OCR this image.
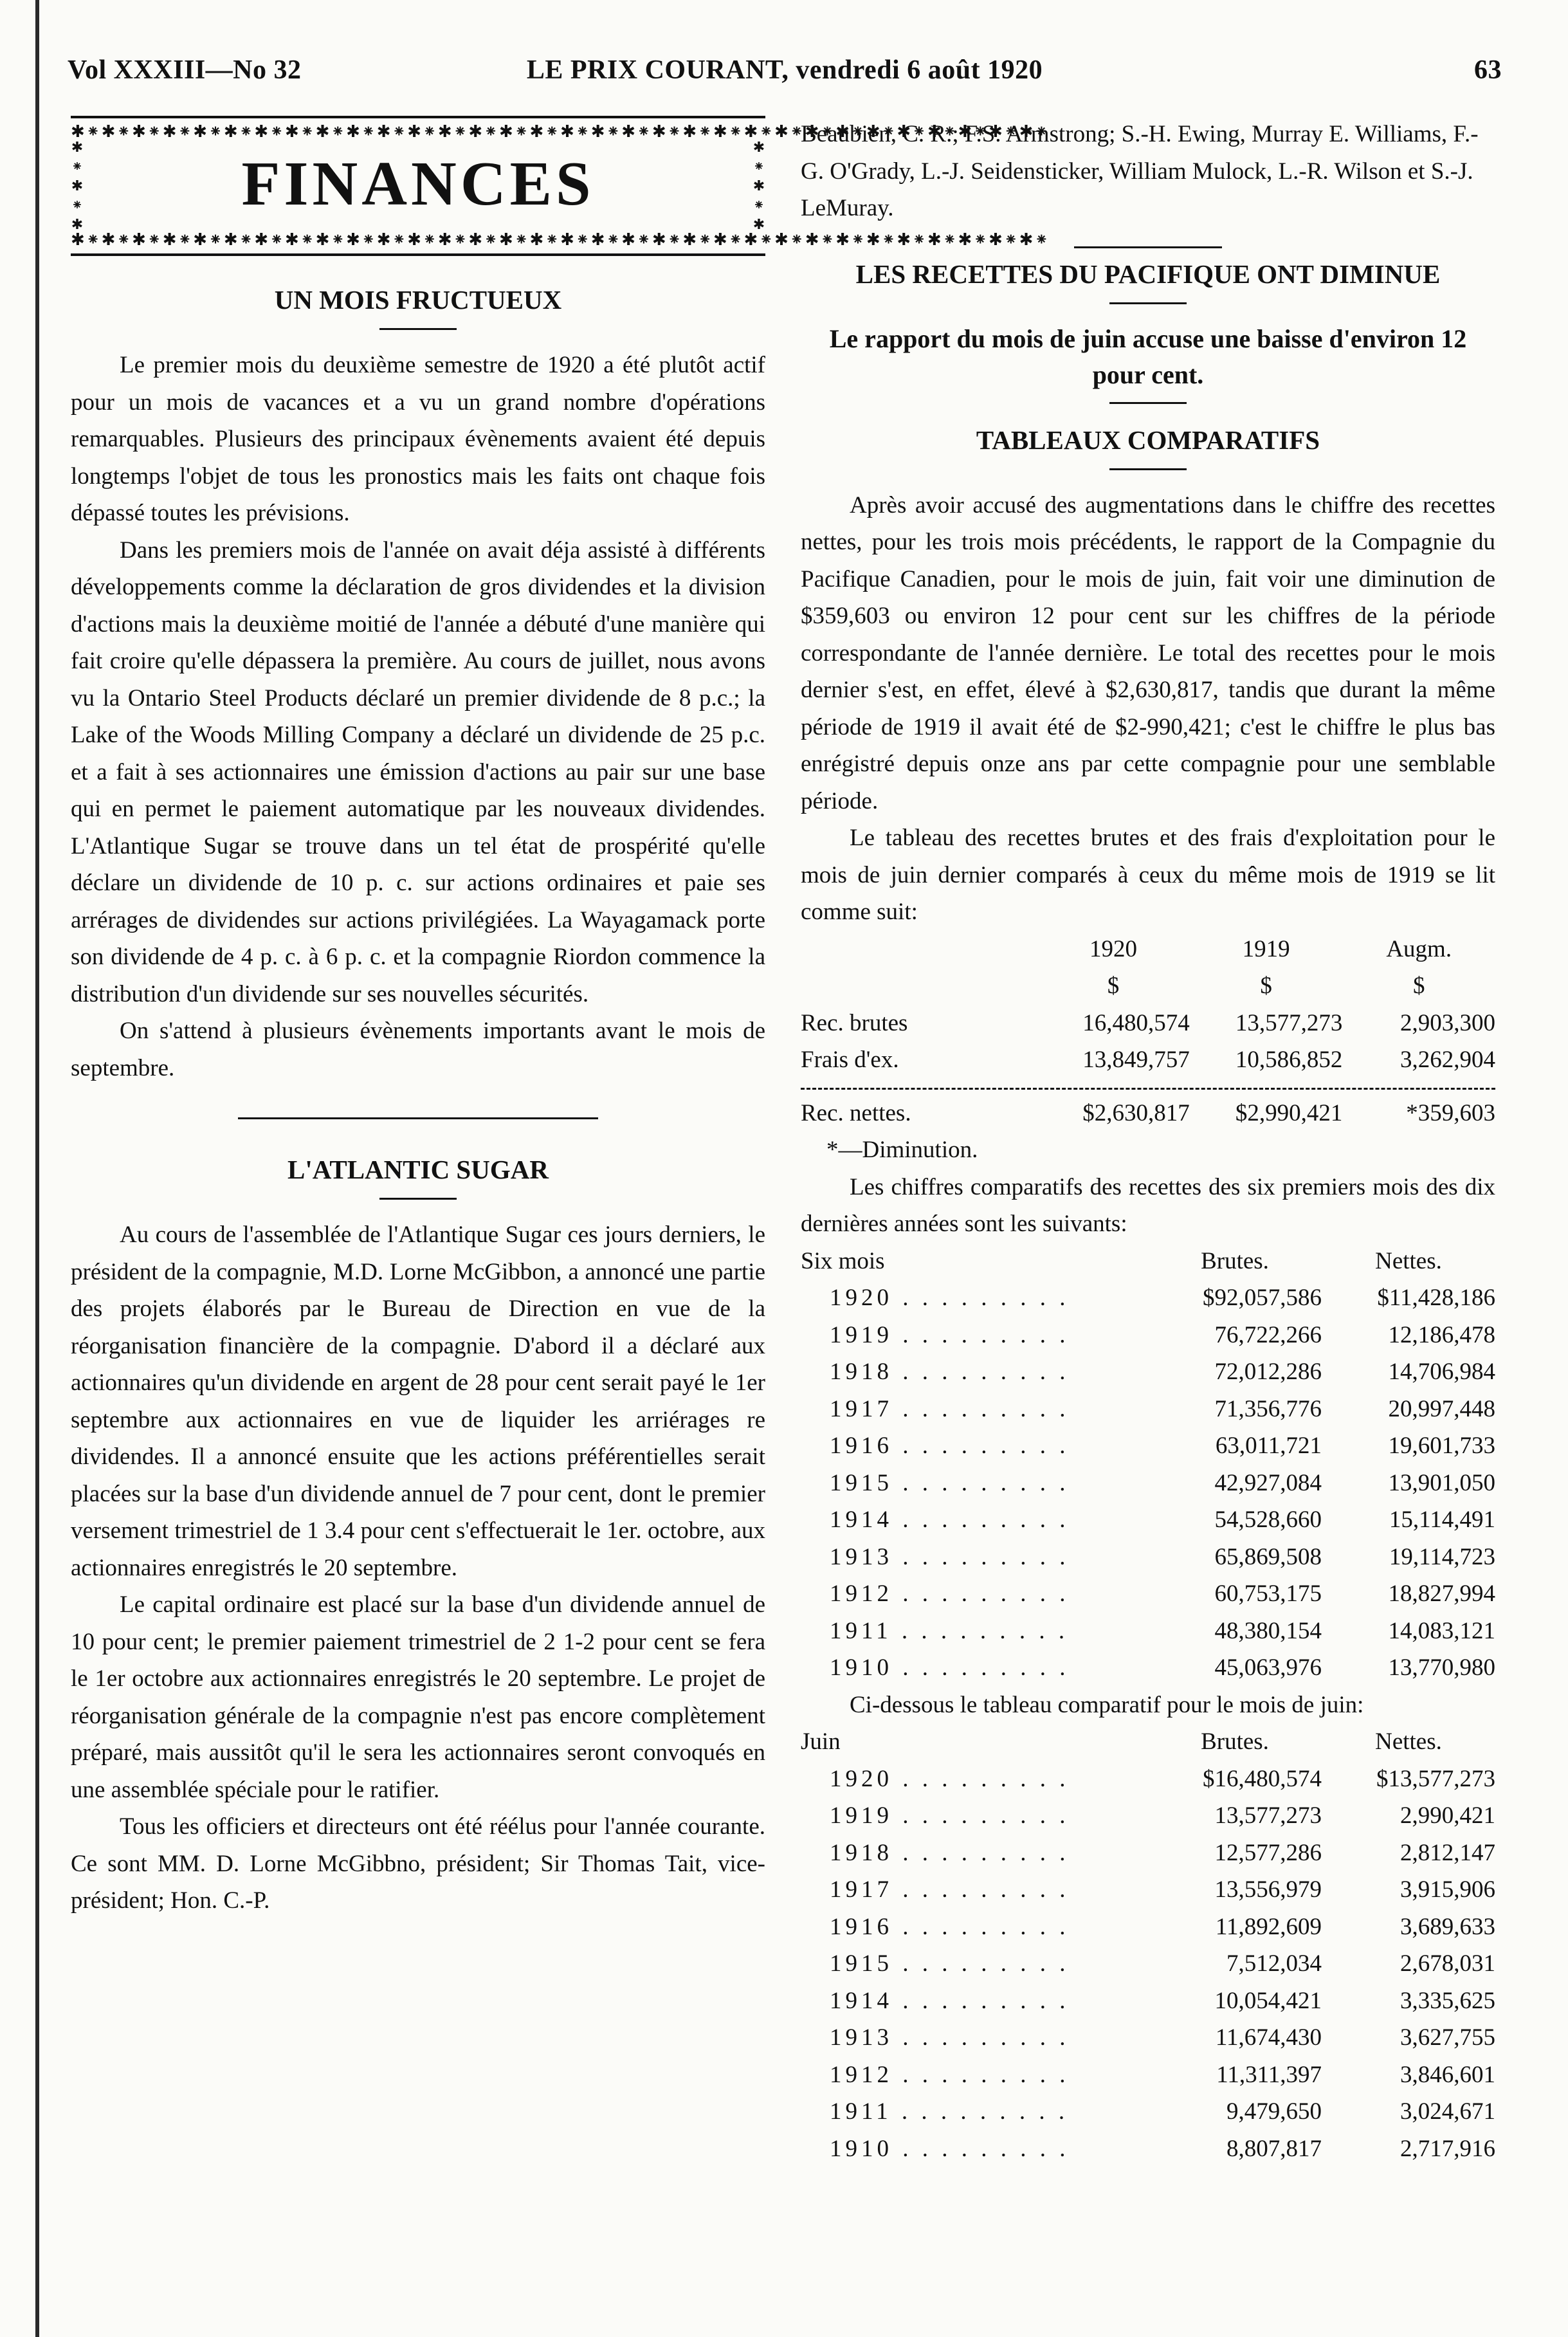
Vol XXXIII—No 32	LE PRIX COURANT, vendredi 6 août 1920	63
✱⁕✱⁕✱⁕✱⁕✱⁕✱⁕✱⁕✱⁕✱⁕✱⁕✱⁕✱⁕✱⁕✱⁕✱⁕✱⁕✱⁕✱⁕✱⁕✱⁕✱⁕✱⁕✱⁕✱⁕✱⁕✱⁕✱⁕✱⁕✱⁕✱⁕✱⁕✱⁕
✱
⁕
✱
⁕
✱
FINANCES
✱
⁕
✱
⁕
✱
✱⁕✱⁕✱⁕✱⁕✱⁕✱⁕✱⁕✱⁕✱⁕✱⁕✱⁕✱⁕✱⁕✱⁕✱⁕✱⁕✱⁕✱⁕✱⁕✱⁕✱⁕✱⁕✱⁕✱⁕✱⁕✱⁕✱⁕✱⁕✱⁕✱⁕✱⁕✱⁕
UN MOIS FRUCTUEUX

Le premier mois du deuxième semestre de 1920 a été plutôt actif pour un mois de vacances et a vu un grand nombre d'opérations remarquables. Plusieurs des principaux évènements avaient été depuis longtemps l'objet de tous les pronostics mais les faits ont chaque fois dépassé toutes les prévisions.

Dans les premiers mois de l'année on avait déja assisté à différents développements comme la déclaration de gros dividendes et la division d'actions mais la deuxième moitié de l'année a débuté d'une manière qui fait croire qu'elle dépassera la première. Au cours de juillet, nous avons vu la Ontario Steel Products déclaré un premier dividende de 8 p.c.; la Lake of the Woods Milling Company a déclaré un dividende de 25 p.c. et a fait à ses actionnaires une émission d'actions au pair sur une base qui en permet le paiement automatique par les nouveaux dividendes. L'Atlantique Sugar se trouve dans un tel état de prospérité qu'elle déclare un dividende de 10 p. c. sur actions ordinaires et paie ses arrérages de dividendes sur actions privilégiées. La Wayagamack porte son dividende de 4 p. c. à 6 p. c. et la compagnie Riordon commence la distribution d'un dividende sur ses nouvelles sécurités.

On s'attend à plusieurs évènements importants avant le mois de septembre.

L'ATLANTIC SUGAR

Au cours de l'assemblée de l'Atlantique Sugar ces jours derniers, le président de la compagnie, M.D. Lorne McGibbon, a annoncé une partie des projets élaborés par le Bureau de Direction en vue de la réorganisation financière de la compagnie. D'abord il a déclaré aux actionnaires qu'un dividende en argent de 28 pour cent serait payé le 1er septembre aux actionnaires en vue de liquider les arriérages re dividendes. Il a annoncé ensuite que les actions préférentielles serait placées sur la base d'un dividende annuel de 7 pour cent, dont le premier versement trimestriel de 1 3.4 pour cent s'effectuerait le 1er. octobre, aux actionnaires enregistrés le 20 septembre.

Le capital ordinaire est placé sur la base d'un dividende annuel de 10 pour cent; le premier paiement trimestriel de 2 1-2 pour cent se fera le 1er octobre aux actionnaires enregistrés le 20 septembre. Le projet de réorganisation générale de la compagnie n'est pas encore complètement préparé, mais aussitôt qu'il le sera les actionnaires seront convoqués en une assemblée spéciale pour le ratifier.

Tous les officiers et directeurs ont été réélus pour l'année courante. Ce sont MM. D. Lorne McGibbno, président; Sir Thomas Tait, vice-président; Hon. C.-P.

Beaubien, C. R.; F.S. Armstrong; S.-H. Ewing, Murray E. Williams, F.-G. O'Grady, L.-J. Seidensticker, William Mulock, L.-R. Wilson et S.-J. LeMuray.

LES RECETTES DU PACIFIQUE ONT DIMINUE
Le rapport du mois de juin accuse une baisse d'environ 12 pour cent.
TABLEAUX COMPARATIFS

Après avoir accusé des augmentations dans le chiffre des recettes nettes, pour les trois mois précédents, le rapport de la Compagnie du Pacifique Canadien, pour le mois de juin, fait voir une diminution de $359,603 ou environ 12 pour cent sur les chiffres de la période correspondante de l'année dernière. Le total des recettes pour le mois dernier s'est, en effet, élevé à $2,630,817, tandis que durant la même période de 1919 il avait été de $2-990,421; c'est le chiffre le plus bas enrégistré depuis onze ans par cette compagnie pour une semblable période.

Le tableau des recettes brutes et des frais d'exploitation pour le mois de juin dernier comparés à ceux du même mois de 1919 se lit comme suit:

	1920	1919	Augm.
	$	$	$
Rec. brutes	16,480,574	13,577,273	2,903,300
Frais d'ex.	13,849,757	10,586,852	3,262,904

Rec. nettes.	$2,630,817	$2,990,421	*359,603
*—Diminution.

Les chiffres comparatifs des recettes des six premiers mois des dix dernières années sont les suivants:

Six mois	Brutes.	Nettes.
1920 . . . . . . . . .	$92,057,586	$11,428,186
1919 . . . . . . . . .	76,722,266	12,186,478
1918 . . . . . . . . .	72,012,286	14,706,984
1917 . . . . . . . . .	71,356,776	20,997,448
1916 . . . . . . . . .	63,011,721	19,601,733
1915 . . . . . . . . .	42,927,084	13,901,050
1914 . . . . . . . . .	54,528,660	15,114,491
1913 . . . . . . . . .	65,869,508	19,114,723
1912 . . . . . . . . .	60,753,175	18,827,994
1911 . . . . . . . . .	48,380,154	14,083,121
1910 . . . . . . . . .	45,063,976	13,770,980

Ci-dessous le tableau comparatif pour le mois de juin:

Juin	Brutes.	Nettes.
1920 . . . . . . . . .	$16,480,574	$13,577,273
1919 . . . . . . . . .	13,577,273	2,990,421
1918 . . . . . . . . .	12,577,286	2,812,147
1917 . . . . . . . . .	13,556,979	3,915,906
1916 . . . . . . . . .	11,892,609	3,689,633
1915 . . . . . . . . .	7,512,034	2,678,031
1914 . . . . . . . . .	10,054,421	3,335,625
1913 . . . . . . . . .	11,674,430	3,627,755
1912 . . . . . . . . .	11,311,397	3,846,601
1911 . . . . . . . . .	9,479,650	3,024,671
1910 . . . . . . . . .	8,807,817	2,717,916
